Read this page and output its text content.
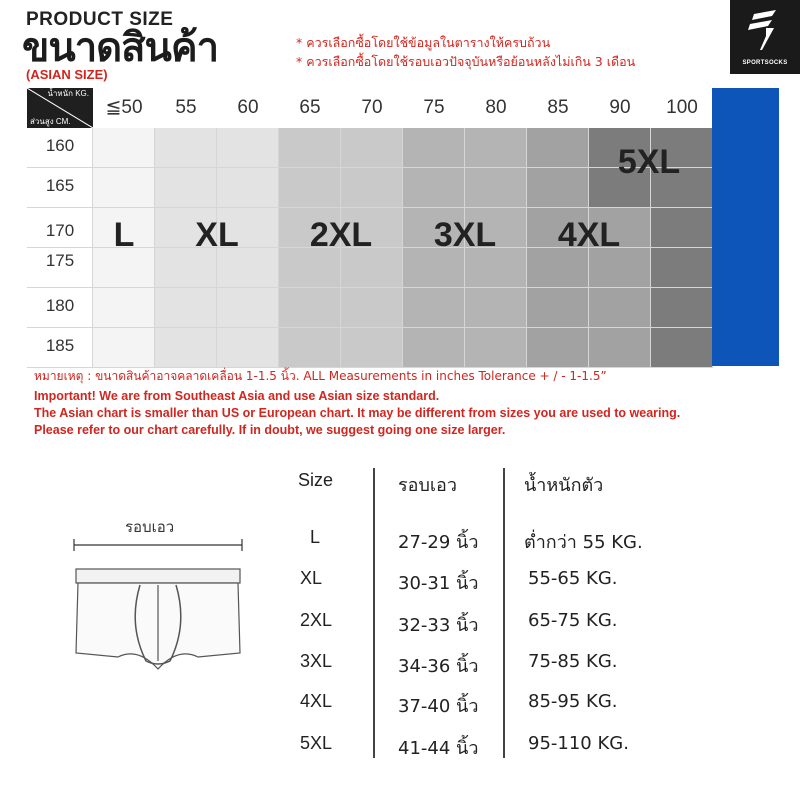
PRODUCT SIZE
ขนาดสินค้า
(ASIAN SIZE)
* ควรเลือกซื้อโดยใช้ข้อมูลในตารางให้ครบถ้วน
* ควรเลือกซื้อโดยใช้รอบเอวปัจจุบันหรือย้อนหลังไม่เกิน 3 เดือน	SPORTSOCKS
น้ำหนัก KG.
ส่วนสูง CM.
≦50	55	60	65	70	75	80	85	90	100
160
165
170
175
180
185
L	XL	2XL	3XL	4XL
5XL
หมายเหตุ : ขนาดสินค้าอาจคลาดเคลื่อน 1-1.5 นิ้ว. ALL Measurements in inches Tolerance + / - 1-1.5”
Important! We are from Southeast Asia and use Asian size standard.
The Asian chart is smaller than US or European chart. It may be different from sizes you are used to wearing.
Please refer to our chart carefully. If in doubt, we suggest going one size larger.
รอบเอว
Size	รอบเอว	น้ำหนักตัว
L	27-29 นิ้ว	ต่ำกว่า 55 KG.
XL	30-31 นิ้ว	55-65 KG.
2XL	32-33 นิ้ว	65-75 KG.
3XL	34-36 นิ้ว	75-85 KG.
4XL	37-40 นิ้ว	85-95 KG.
5XL	41-44 นิ้ว	95-110 KG.
